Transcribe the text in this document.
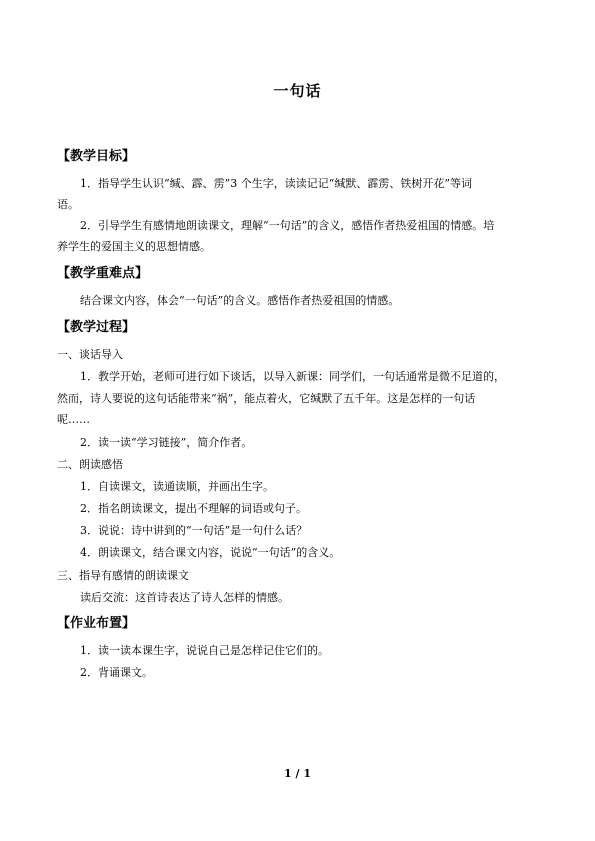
一句话
【教学目标】
1．指导学生认识“缄、霹、雳”3 个生字，读读记记“缄默、霹雳、铁树开花”等词
语。
2．引导学生有感情地朗读课文，理解“一句话”的含义，感悟作者热爱祖国的情感。培
养学生的爱国主义的思想情感。
【教学重难点】
结合课文内容，体会“一句话”的含义。感悟作者热爱祖国的情感。
【教学过程】
一、谈话导入
1．教学开始，老师可进行如下谈话，以导入新课：同学们，一句话通常是微不足道的，
然而，诗人要说的这句话能带来“祸”，能点着火，它缄默了五千年。这是怎样的一句话
呢……
2．读一读“学习链接”，简介作者。
二、朗读感悟
1．自读课文，读通读顺，并画出生字。
2．指名朗读课文，提出不理解的词语或句子。
3．说说：诗中讲到的“一句话”是一句什么话？
4．朗读课文，结合课文内容，说说“一句话”的含义。
三、指导有感情的朗读课文
读后交流：这首诗表达了诗人怎样的情感。
【作业布置】
1．读一读本课生字，说说自己是怎样记住它们的。
2．背诵课文。
1 / 1
